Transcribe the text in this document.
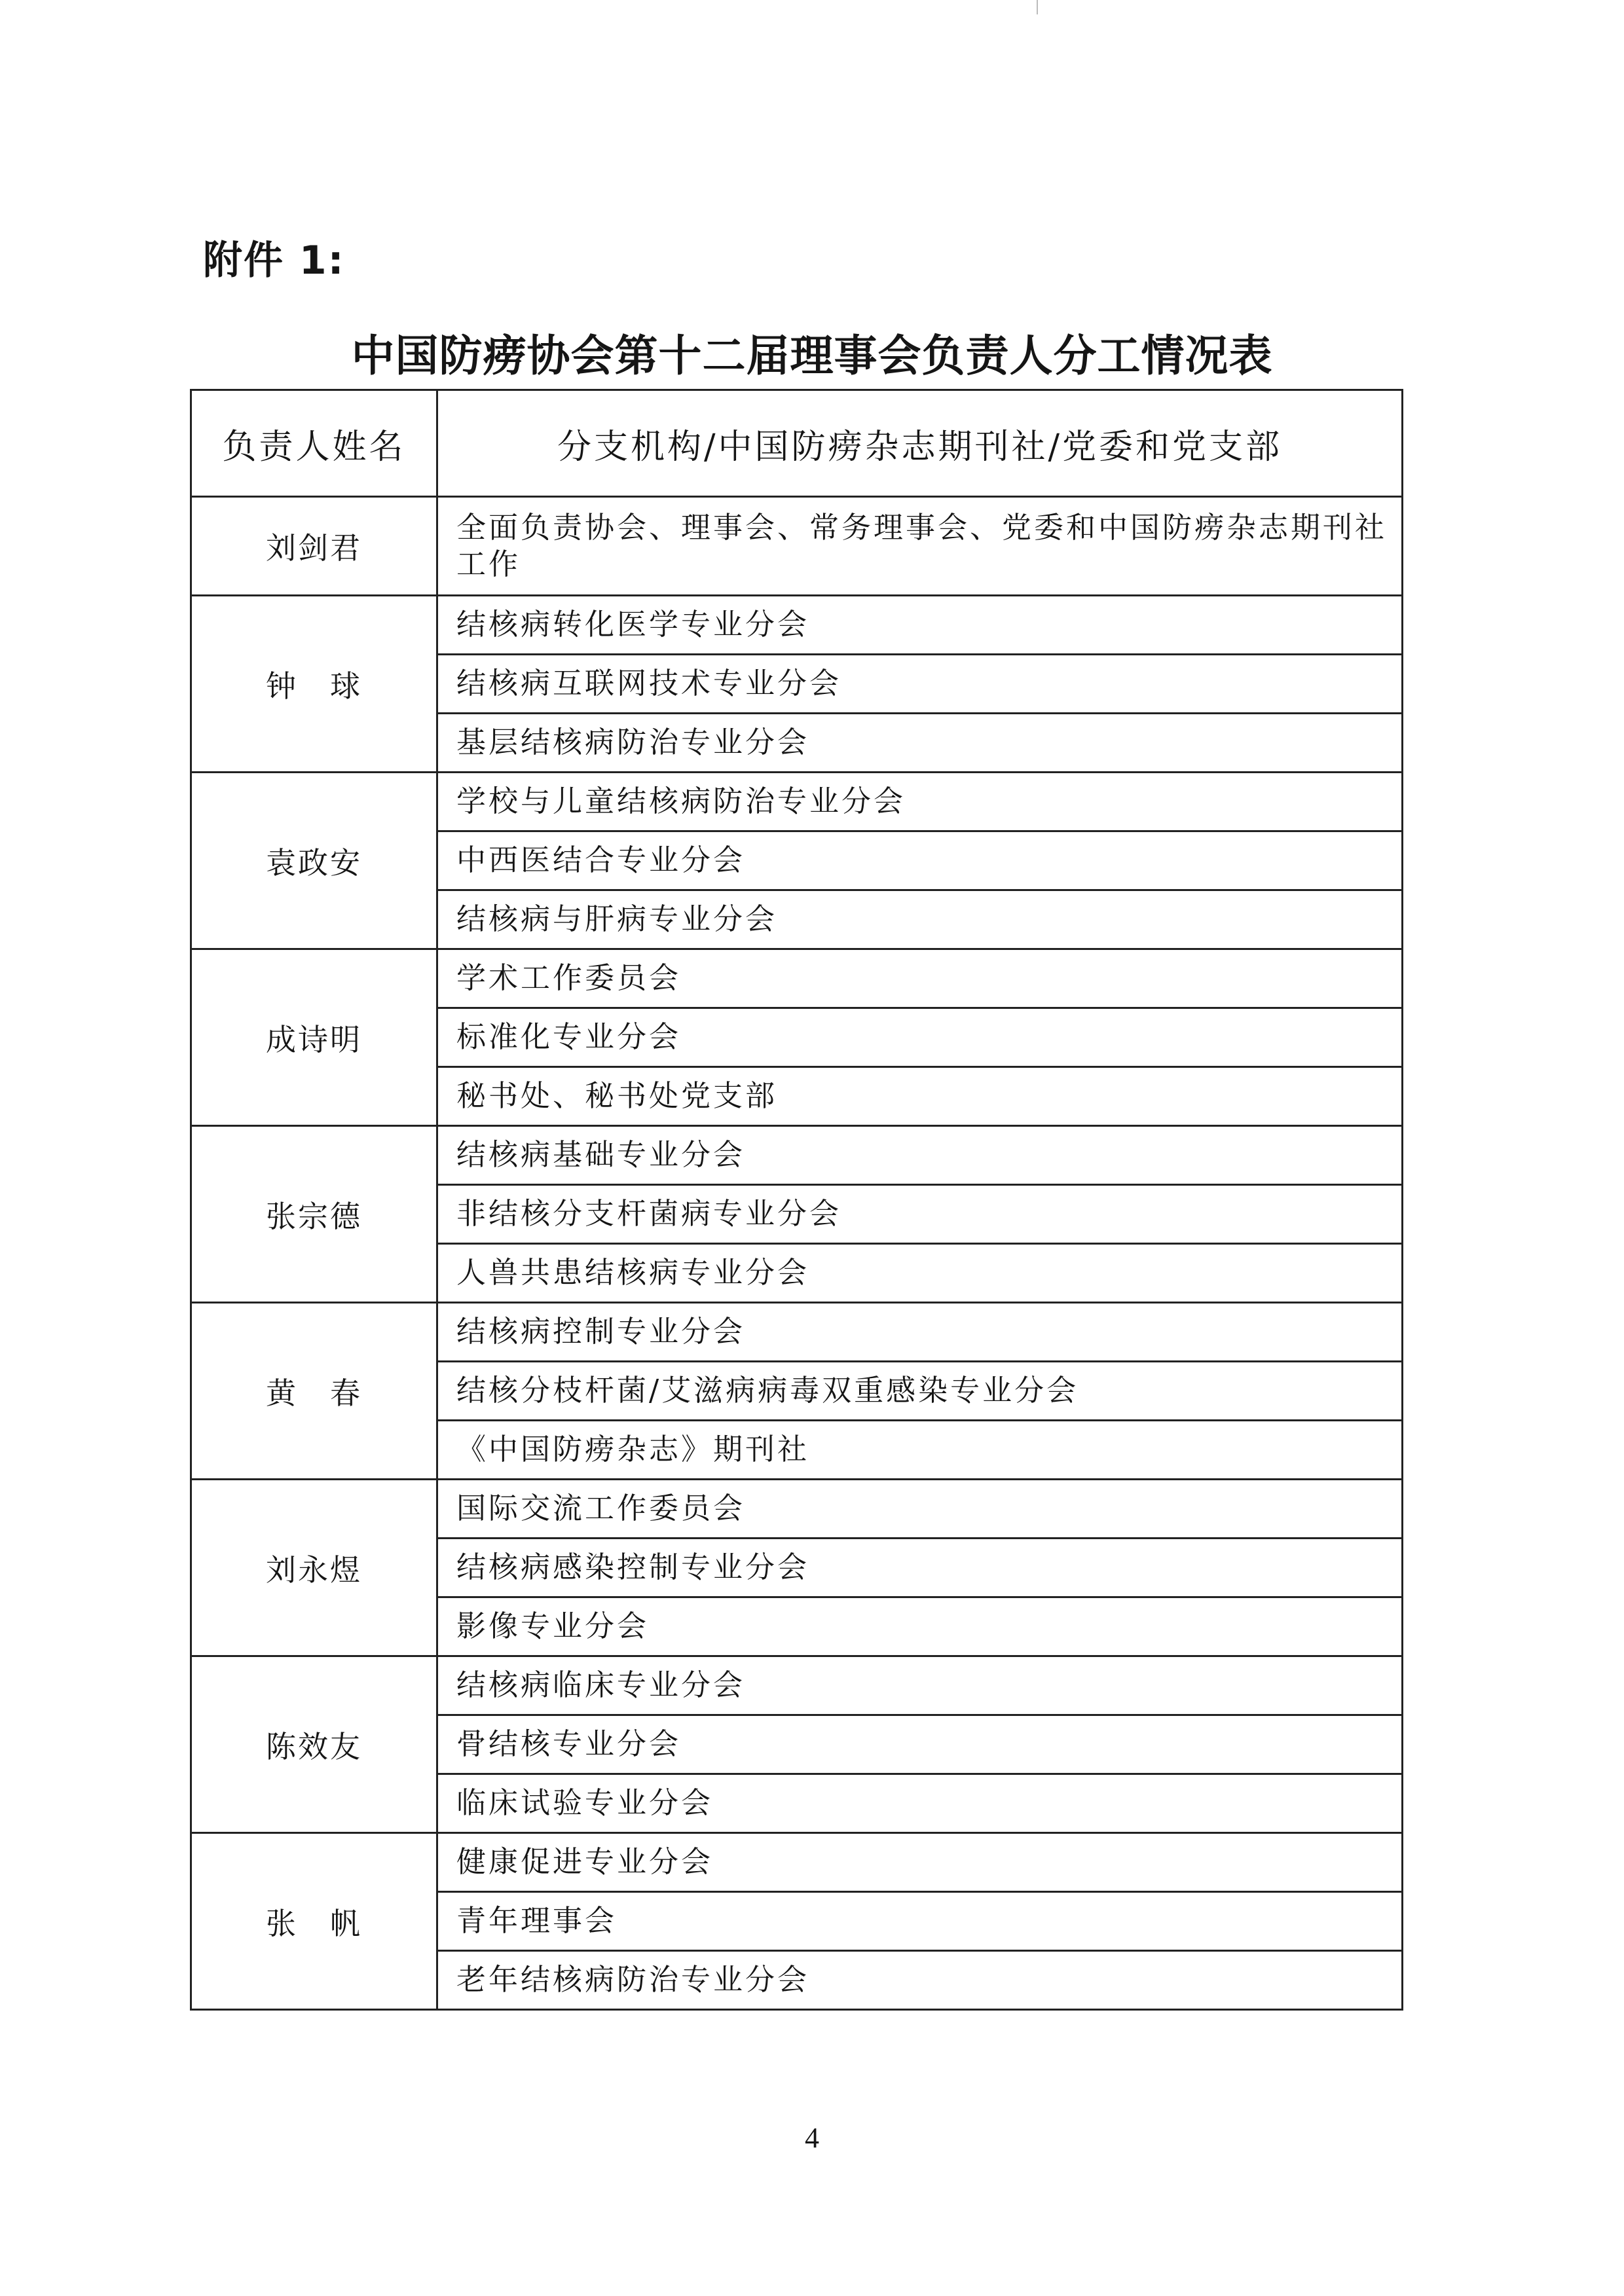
附件 1:
中国防痨协会第十二届理事会负责人分工情况表
负责人姓名	分支机构/中国防痨杂志期刊社/党委和党支部
刘剑君	全面负责协会、理事会、常务理事会、党委和中国防痨杂志期刊社工作
钟　球	结核病转化医学专业分会
	结核病互联网技术专业分会
	基层结核病防治专业分会
袁政安	学校与儿童结核病防治专业分会
	中西医结合专业分会
	结核病与肝病专业分会
成诗明	学术工作委员会
	标准化专业分会
	秘书处、秘书处党支部
张宗德	结核病基础专业分会
	非结核分支杆菌病专业分会
	人兽共患结核病专业分会
黄　春	结核病控制专业分会
	结核分枝杆菌/艾滋病病毒双重感染专业分会
	《中国防痨杂志》期刊社
刘永煜	国际交流工作委员会
	结核病感染控制专业分会
	影像专业分会
陈效友	结核病临床专业分会
	骨结核专业分会
	临床试验专业分会
张　帆	健康促进专业分会
	青年理事会
	老年结核病防治专业分会
4
